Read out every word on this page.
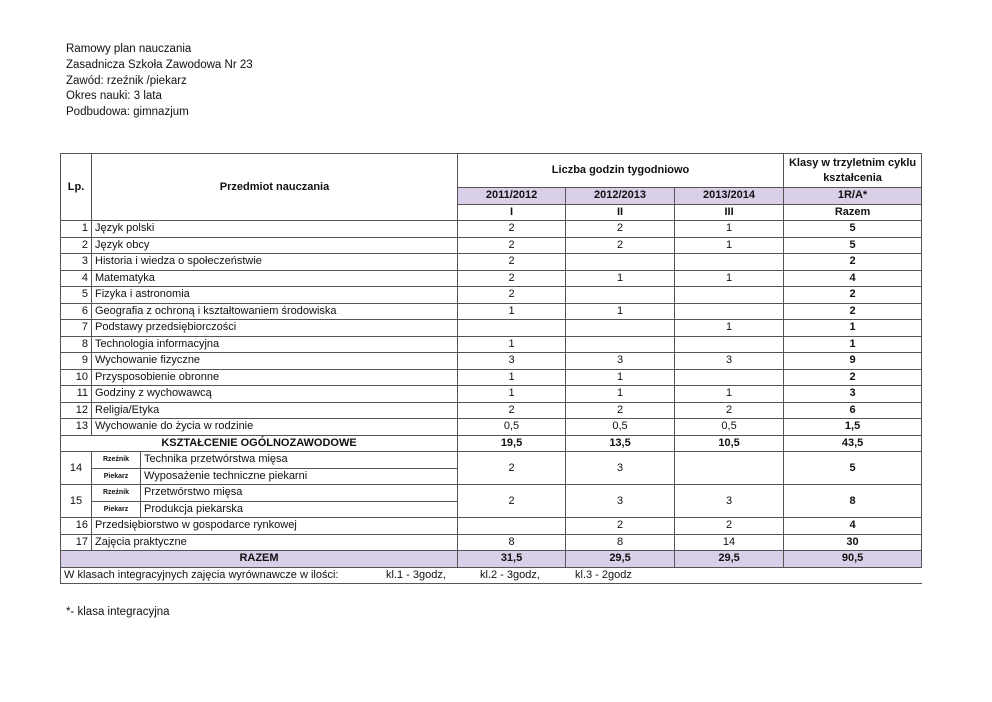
Ramowy plan nauczania
Zasadnicza Szkoła Zawodowa Nr 23
Zawód: rzeźnik /piekarz
Okres nauki: 3 lata
Podbudowa: gimnazjum
Lp.	Przedmiot nauczania		Liczba godzin tygodniowo			Klasy w trzyletnim cyklu kształcenia
			2011/2012	2012/2013	2013/2014	1R/A*
			I	II	III	Razem
1	Język polski		2	2	1	5
2	Język obcy		2	2	1	5
3	Historia i wiedza o społeczeństwie		2			2
4	Matematyka		2	1	1	4
5	Fizyka i astronomia		2			2
6	Geografia z ochroną i kształtowaniem środowiska		1	1		2
7	Podstawy przedsiębiorczości				1	1
8	Technologia informacyjna		1			1
9	Wychowanie fizyczne		3	3	3	9
10	Przysposobienie obronne		1	1		2
11	Godziny z wychowawcą		1	1	1	3
12	Religia/Etyka		2	2	2	6
13	Wychowanie do życia w rodzinie		0,5	0,5	0,5	1,5
KSZTAŁCENIE OGÓLNOZAWODOWE			19,5	13,5	10,5	43,5
14	Rzeźnik	Technika przetwórstwa mięsa	2	3		5
	Piekarz	Wyposażenie techniczne piekarni				
15	Rzeźnik	Przetwórstwo mięsa	2	3	3	8
	Piekarz	Produkcja piekarska				
16	Przedsiębiorstwo w gospodarce rynkowej			2	2	4
17	Zajęcia praktyczne		8	8	14	30
RAZEM			31,5	29,5	29,5	90,5

W klasach integracyjnych zajęcia wyrównawcze w ilości: kl.1 - 3godz, kl.2 - 3godz, kl.3 - 2godz						
*- klasa integracyjna
